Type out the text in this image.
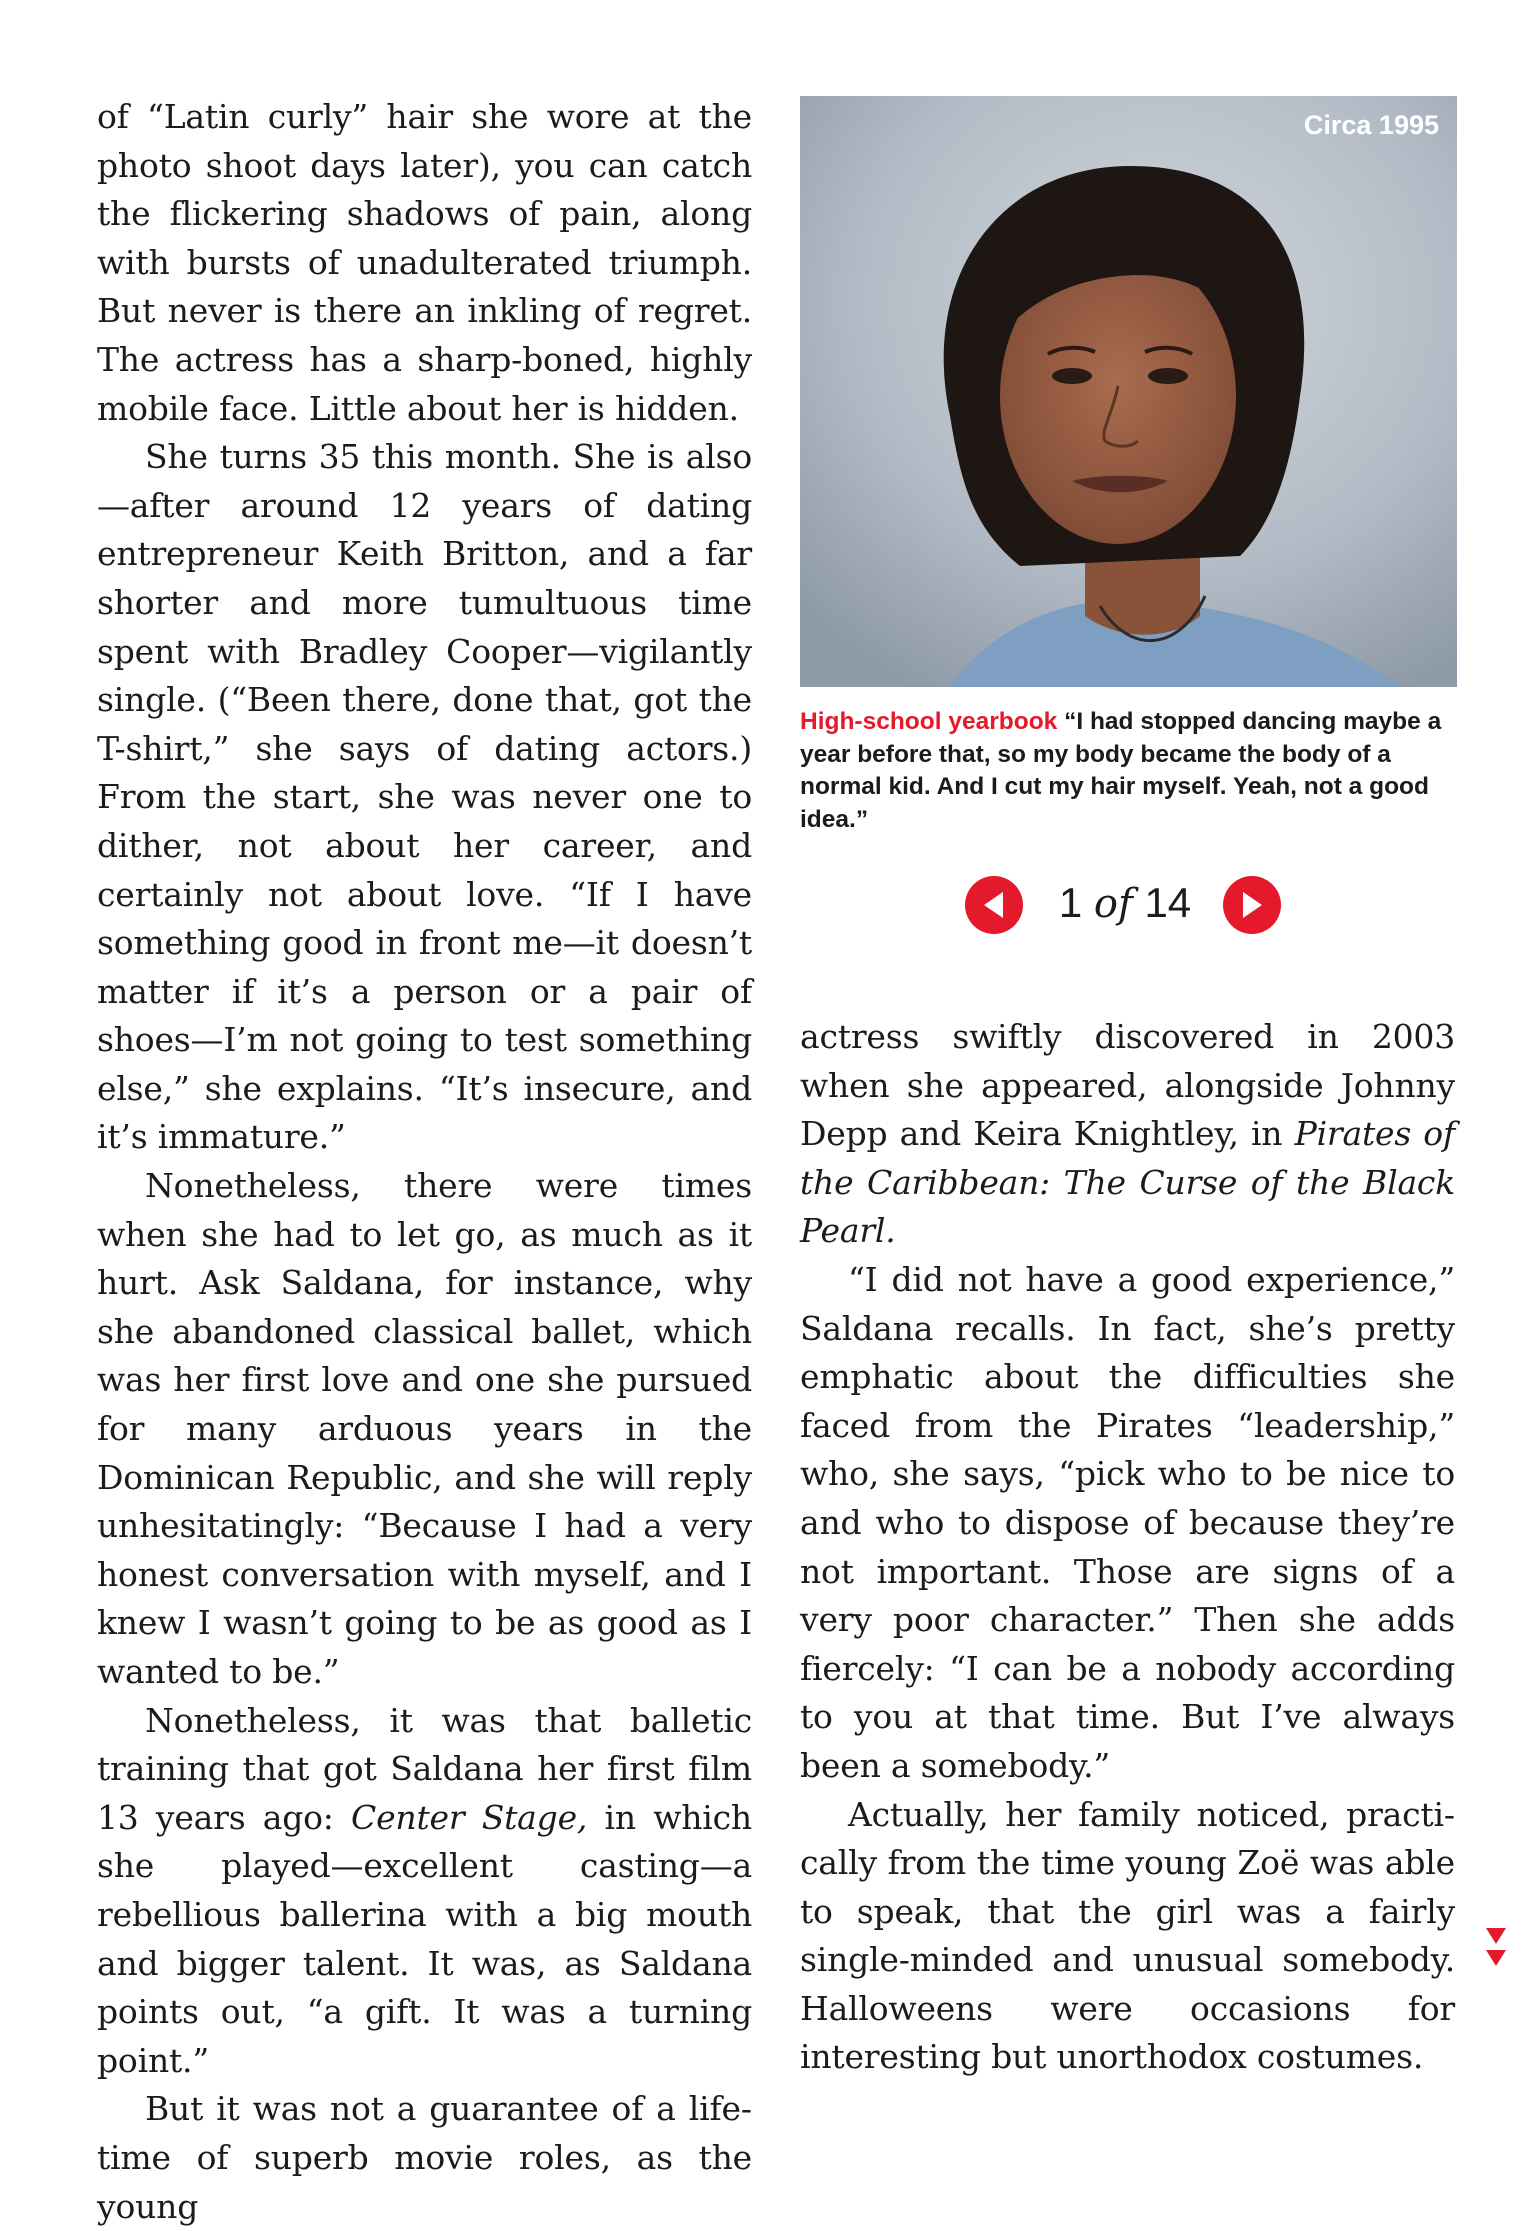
of “Latin curly” hair she wore at the photo shoot days later), you can catch the flickering shadows of pain, along with bursts of unadulterated triumph. But never is there an inkling of regret. The actress has a sharp-boned, highly mobile face. Little about her is hidden.

She turns 35 this month. She is also—after around 12 years of dating entrepreneur Keith Britton, and a far shorter and more tumultuous time spent with Bradley Cooper—vigilantly single. (“Been there, done that, got the T-shirt,” she says of dating actors.) From the start, she was never one to dither, not about her career, and certainly not about love. “If I have something good in front me—it doesn’t matter if it’s a person or a pair of shoes—I’m not going to test something else,” she explains. “It’s insecure, and it’s immature.”

Nonetheless, there were times when she had to let go, as much as it hurt. Ask Saldana, for instance, why she abandoned classical ballet, which was her first love and one she pursued for many arduous years in the Dominican Republic, and she will reply unhesitatingly: “Because I had a very honest conversation with myself, and I knew I wasn’t going to be as good as I wanted to be.”

Nonetheless, it was that balletic training that got Saldana her first film 13 years ago: Center Stage, in which she played—excellent casting—a rebellious ballerina with a big mouth and bigger talent. It was, as Saldana points out, “a gift. It was a turning point.”

But it was not a guarantee of a lifetime of superb movie roles, as the young

Circa 1995
High-school yearbook “I had stopped dancing maybe a year before that, so my body became the body of a normal kid. And I cut my hair myself. Yeah, not a good idea.”
1 of 14

actress swiftly discovered in 2003 when she appeared, alongside Johnny Depp and Keira Knightley, in Pirates of the Caribbean: The Curse of the Black Pearl.

“I did not have a good experience,” Saldana recalls. In fact, she’s pretty emphatic about the difficulties she faced from the Pirates “leadership,” who, she says, “pick who to be nice to and who to dispose of because they’re not important. Those are signs of a very poor character.” Then she adds fiercely: “I can be a nobody according to you at that time. But I’ve always been a somebody.”

Actually, her family noticed, practically from the time young Zoë was able to speak, that the girl was a fairly single-minded and unusual somebody. Halloweens were occasions for interesting but unorthodox costumes.
